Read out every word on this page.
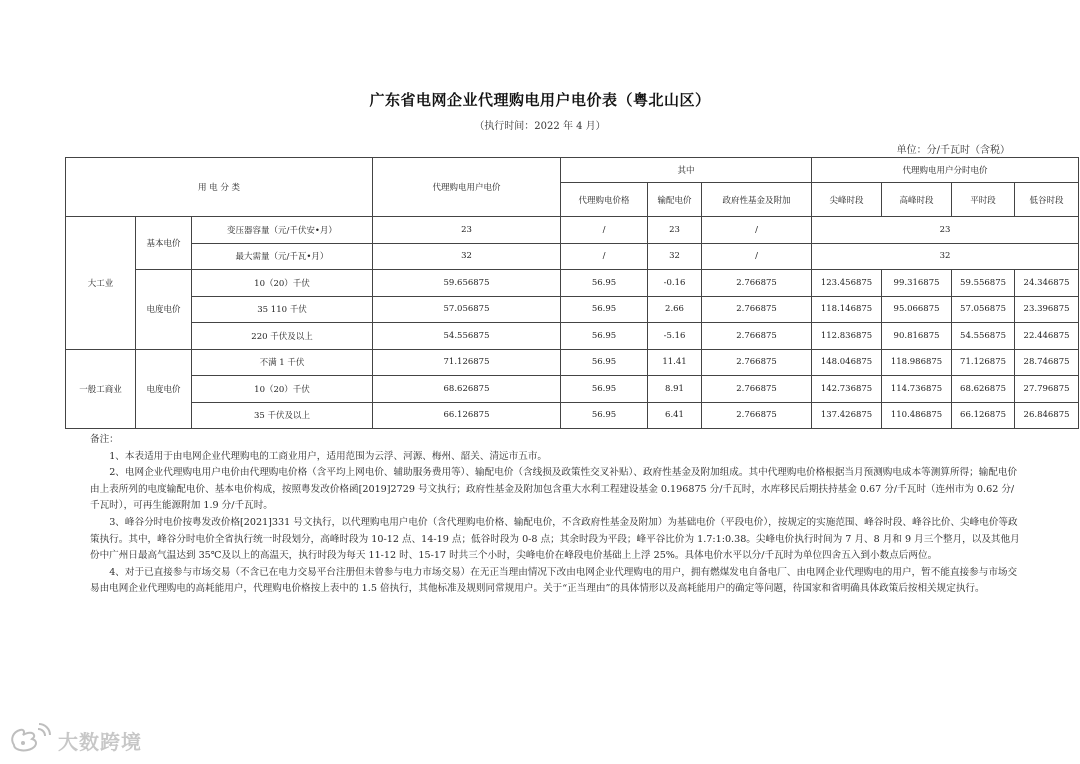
广东省电网企业代理购电用户电价表（粤北山区）
（执行时间：2022 年 4 月）
单位：分/千瓦时（含税）
用 电 分 类			代理购电用户电价	其中			代理购电用户分时电价			
				代理购电价格	输配电价	政府性基金及附加	尖峰时段	高峰时段	平时段	低谷时段
大工业	基本电价	变压器容量（元/千伏安•月）	23	/	23	/	23			
		最大需量（元/千瓦•月）	32	/	32	/	32			
	电度电价	10（20）千伏	59.656875	56.95	-0.16	2.766875	123.456875	99.316875	59.556875	24.346875
		35 110 千伏	57.056875	56.95	2.66	2.766875	118.146875	95.066875	57.056875	23.396875
		220 千伏及以上	54.556875	56.95	-5.16	2.766875	112.836875	90.816875	54.556875	22.446875
一般工商业	电度电价	不满 1 千伏	71.126875	56.95	11.41	2.766875	148.046875	118.986875	71.126875	28.746875
		10（20）千伏	68.626875	56.95	8.91	2.766875	142.736875	114.736875	68.626875	27.796875
		35 千伏及以上	66.126875	56.95	6.41	2.766875	137.426875	110.486875	66.126875	26.846875

备注：

1、本表适用于由电网企业代理购电的工商业用户，适用范围为云浮、河源、梅州、韶关、清远市五市。

2、电网企业代理购电用户电价由代理购电价格（含平均上网电价、辅助服务费用等）、输配电价（含线损及政策性交叉补贴）、政府性基金及附加组成。其中代理购电价格根据当月预测购电成本等测算所得；输配电价由上表所列的电度输配电价、基本电价构成，按照粤发改价格函[2019]2729 号文执行；政府性基金及附加包含重大水利工程建设基金 0.196875 分/千瓦时，水库移民后期扶持基金 0.67 分/千瓦时（连州市为 0.62 分/千瓦时），可再生能源附加 1.9 分/千瓦时。

3、峰谷分时电价按粤发改价格[2021]331 号文执行，以代理购电用户电价（含代理购电价格、输配电价，不含政府性基金及附加）为基础电价（平段电价），按规定的实施范围、峰谷时段、峰谷比价、尖峰电价等政策执行。其中，峰谷分时电价全省执行统一时段划分，高峰时段为 10-12 点、14-19 点；低谷时段为 0-8 点；其余时段为平段；峰平谷比价为 1.7:1:0.38。尖峰电价执行时间为 7 月、8 月和 9 月三个整月，以及其他月份中广州日最高气温达到 35℃及以上的高温天，执行时段为每天 11-12 时、15-17 时共三个小时，尖峰电价在峰段电价基础上上浮 25%。具体电价水平以分/千瓦时为单位四舍五入到小数点后两位。

4、对于已直接参与市场交易（不含已在电力交易平台注册但未曾参与电力市场交易）在无正当理由情况下改由电网企业代理购电的用户，拥有燃煤发电自备电厂、由电网企业代理购电的用户，暂不能直接参与市场交易由电网企业代理购电的高耗能用户，代理购电价格按上表中的 1.5 倍执行，其他标准及规则同常规用户。关于“正当理由”的具体情形以及高耗能用户的确定等问题，待国家和省明确具体政策后按相关规定执行。

大数跨境
